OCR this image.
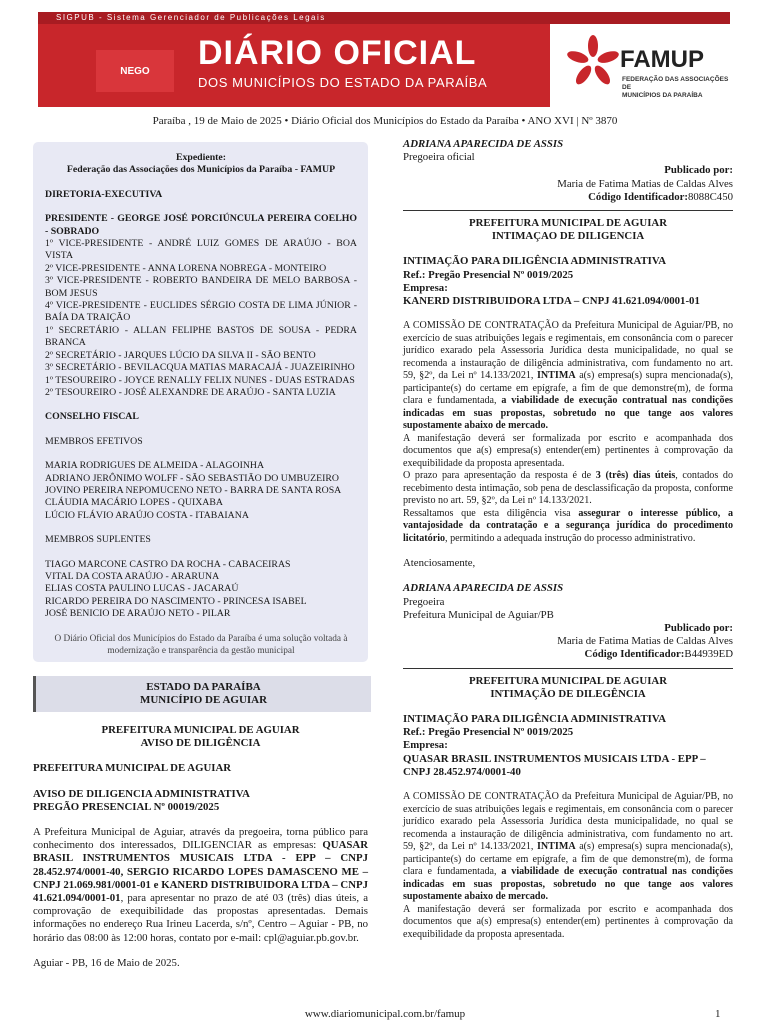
SIGPUB - Sistema Gerenciador de Publicações Legais
NEGO	DIÁRIO OFICIAL
DOS MUNICÍPIOS DO ESTADO DA PARAÍBA
FAMUP
FEDERAÇÃO DAS ASSOCIAÇÕES DE
MUNICÍPIOS DA PARAÍBA
Paraíba , 19 de Maio de 2025 • Diário Oficial dos Municípios do Estado da Paraíba • ANO XVI | Nº 3870

Expediente:

Federação das Associações dos Municípios da Paraíba - FAMUP

DIRETORIA-EXECUTIVA

PRESIDENTE - GEORGE JOSÉ PORCIÚNCULA PEREIRA COELHO - SOBRADO

1º VICE-PRESIDENTE - ANDRÉ LUIZ GOMES DE ARAÚJO - BOA VISTA

2º VICE-PRESIDENTE - ANNA LORENA NOBREGA - MONTEIRO

3º VICE-PRESIDENTE - ROBERTO BANDEIRA DE MELO BARBOSA - BOM JESUS

4º VICE-PRESIDENTE - EUCLIDES SÉRGIO COSTA DE LIMA JÚNIOR - BAÍA DA TRAIÇÃO

1º SECRETÁRIO - ALLAN FELIPHE BASTOS DE SOUSA - PEDRA BRANCA

2º SECRETÁRIO - JARQUES LÚCIO DA SILVA II - SÃO BENTO

3º SECRETÁRIO - BEVILACQUA MATIAS MARACAJÁ - JUAZEIRINHO

1º TESOUREIRO - JOYCE RENALLY FELIX NUNES - DUAS ESTRADAS

2º TESOUREIRO - JOSÉ ALEXANDRE DE ARAÚJO - SANTA LUZIA

CONSELHO FISCAL

MEMBROS EFETIVOS

MARIA RODRIGUES DE ALMEIDA - ALAGOINHA

ADRIANO JERÔNIMO WOLFF - SÃO SEBASTIÃO DO UMBUZEIRO

JOVINO PEREIRA NEPOMUCENO NETO - BARRA DE SANTA ROSA

CLÁUDIA MACÁRIO LOPES - QUIXABA

LÚCIO FLÁVIO ARAÚJO COSTA - ITABAIANA

MEMBROS SUPLENTES

TIAGO MARCONE CASTRO DA ROCHA - CABACEIRAS

VITAL DA COSTA ARAÚJO - ARARUNA

ELIAS COSTA PAULINO LUCAS - JACARAÚ

RICARDO PEREIRA DO NASCIMENTO - PRINCESA ISABEL

JOSÉ BENICIO DE ARAÚJO NETO - PILAR

O Diário Oficial dos Municípios do Estado da Paraíba é uma solução voltada à modernização e transparência da gestão municipal

ESTADO DA PARAÍBA
MUNICÍPIO DE AGUIAR

PREFEITURA MUNICIPAL DE AGUIAR

AVISO DE DILIGÊNCIA

PREFEITURA MUNICIPAL DE AGUIAR

AVISO DE DILIGENCIA ADMINISTRATIVA

PREGÃO PRESENCIAL Nº 00019/2025

A Prefeitura Municipal de Aguiar, através da pregoeira, torna público para conhecimento dos interessados, DILIGENCIAR as empresas: QUASAR BRASIL INSTRUMENTOS MUSICAIS LTDA - EPP – CNPJ 28.452.974/0001-40, SERGIO RICARDO LOPES DAMASCENO ME – CNPJ 21.069.981/0001-01 e KANERD DISTRIBUIDORA LTDA – CNPJ 41.621.094/0001-01, para apresentar no prazo de até 03 (três) dias úteis, a comprovação de exequibilidade das propostas apresentadas. Demais informações no endereço Rua Irineu Lacerda, s/nº, Centro – Aguiar - PB, no horário das 08:00 às 12:00 horas, contato por e-mail: cpl@aguiar.pb.gov.br.

Aguiar - PB, 16 de Maio de 2025.

ADRIANA APARECIDA DE ASSIS

Pregoeira oficial

Publicado por:

Maria de Fatima Matias de Caldas Alves

Código Identificador:8088C450

PREFEITURA MUNICIPAL DE AGUIAR

INTIMAÇAO DE DILIGENCIA

INTIMAÇÃO PARA DILIGÊNCIA ADMINISTRATIVA

Ref.: Pregão Presencial Nº 0019/2025

Empresa:

KANERD DISTRIBUIDORA LTDA – CNPJ 41.621.094/0001-01

A COMISSÃO DE CONTRATAÇÃO da Prefeitura Municipal de Aguiar/PB, no exercício de suas atribuições legais e regimentais, em consonância com o parecer jurídico exarado pela Assessoria Jurídica desta municipalidade, no qual se recomenda a instauração de diligência administrativa, com fundamento no art. 59, §2º, da Lei nº 14.133/2021, INTIMA a(s) empresa(s) supra mencionada(s), participante(s) do certame em epígrafe, a fim de que demonstre(m), de forma clara e fundamentada, a viabilidade de execução contratual nas condições indicadas em suas propostas, sobretudo no que tange aos valores supostamente abaixo de mercado.

A manifestação deverá ser formalizada por escrito e acompanhada dos documentos que a(s) empresa(s) entender(em) pertinentes à comprovação da exequibilidade da proposta apresentada.

O prazo para apresentação da resposta é de 3 (três) dias úteis, contados do recebimento desta intimação, sob pena de desclassificação da proposta, conforme previsto no art. 59, §2º, da Lei nº 14.133/2021.

Ressaltamos que esta diligência visa assegurar o interesse público, a vantajosidade da contratação e a segurança jurídica do procedimento licitatório, permitindo a adequada instrução do processo administrativo.

Atenciosamente,

ADRIANA APARECIDA DE ASSIS

Pregoeira

Prefeitura Municipal de Aguiar/PB

Publicado por:

Maria de Fatima Matias de Caldas Alves

Código Identificador:B44939ED

PREFEITURA MUNICIPAL DE AGUIAR

INTIMAÇÃO DE DILEGÊNCIA

INTIMAÇÃO PARA DILIGÊNCIA ADMINISTRATIVA

Ref.: Pregão Presencial Nº 0019/2025

Empresa:

QUASAR BRASIL INSTRUMENTOS MUSICAIS LTDA - EPP – CNPJ 28.452.974/0001-40

A COMISSÃO DE CONTRATAÇÃO da Prefeitura Municipal de Aguiar/PB, no exercício de suas atribuições legais e regimentais, em consonância com o parecer jurídico exarado pela Assessoria Jurídica desta municipalidade, no qual se recomenda a instauração de diligência administrativa, com fundamento no art. 59, §2º, da Lei nº 14.133/2021, INTIMA a(s) empresa(s) supra mencionada(s), participante(s) do certame em epígrafe, a fim de que demonstre(m), de forma clara e fundamentada, a viabilidade de execução contratual nas condições indicadas em suas propostas, sobretudo no que tange aos valores supostamente abaixo de mercado.

A manifestação deverá ser formalizada por escrito e acompanhada dos documentos que a(s) empresa(s) entender(em) pertinentes à comprovação da exequibilidade da proposta apresentada.

www.diariomunicipal.com.br/famup	1
